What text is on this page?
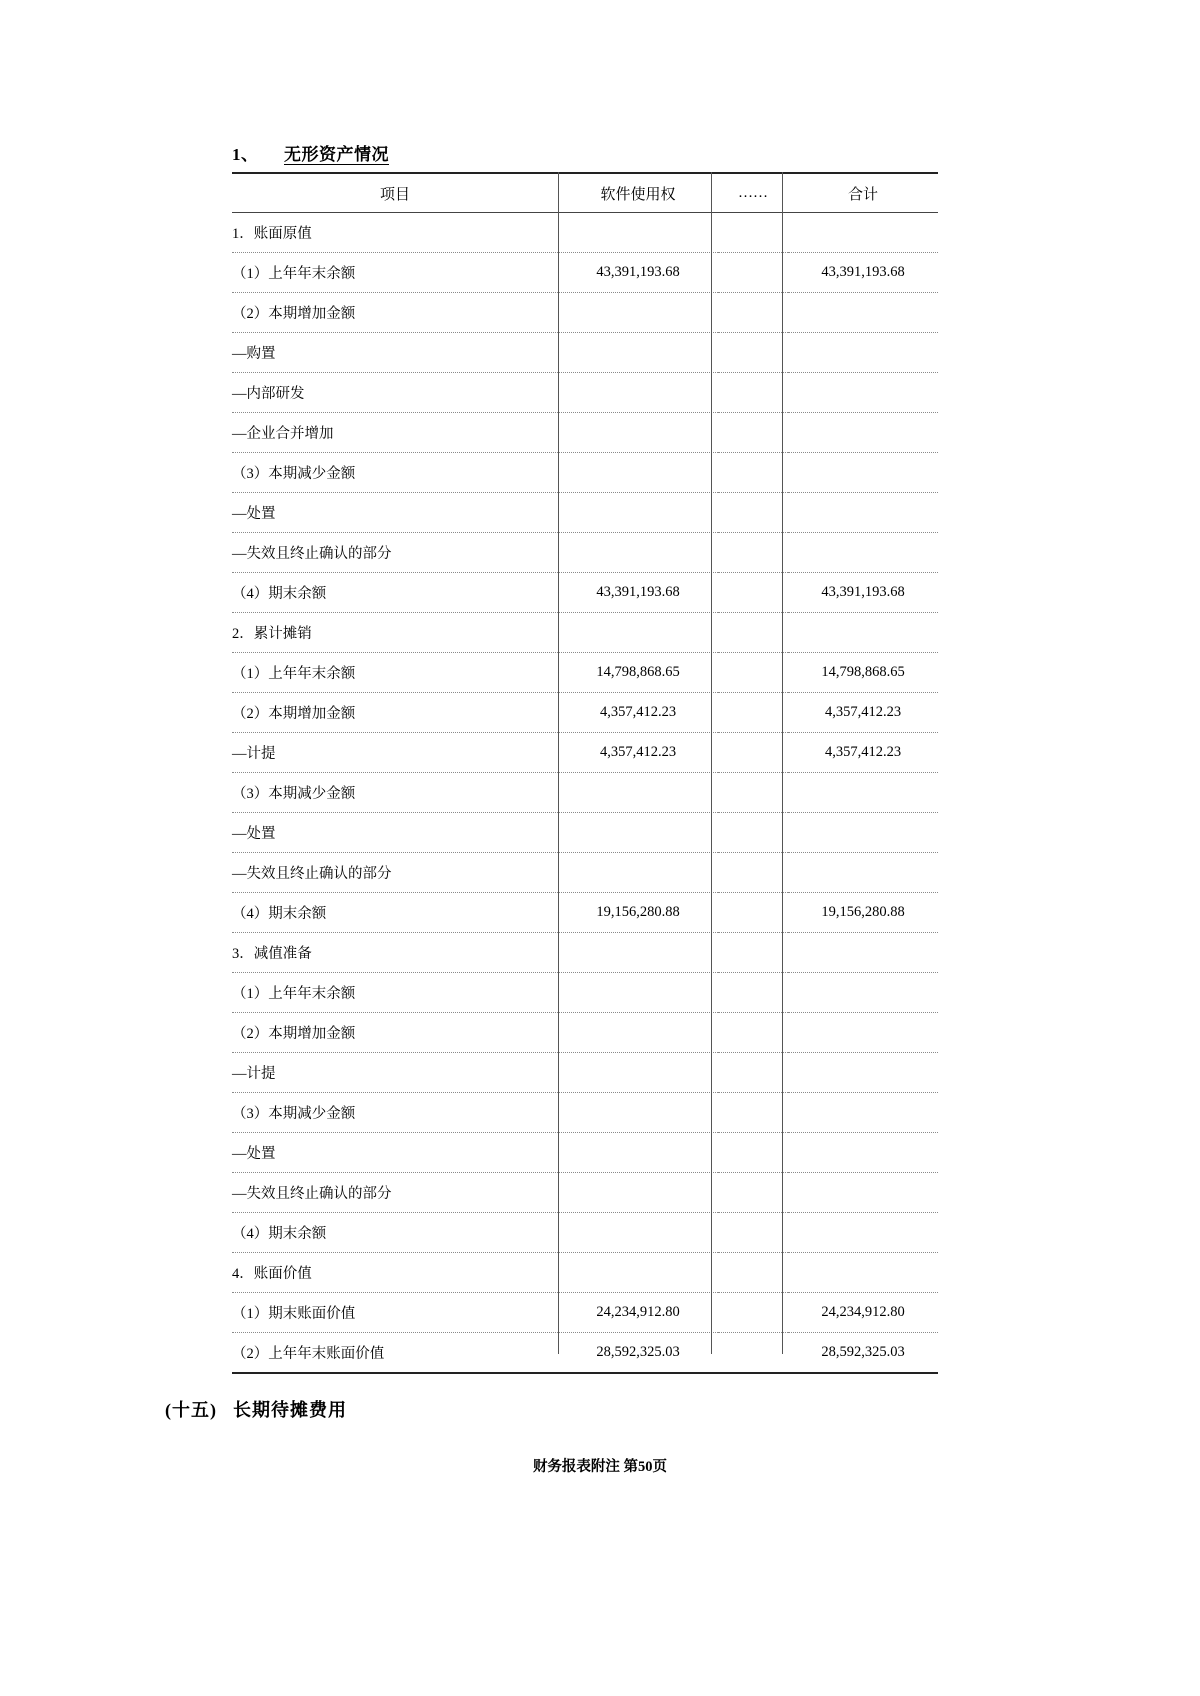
1、 无形资产情况
项目	软件使用权	……	合计
1．账面原值			
（1）上年年末余额	43,391,193.68		43,391,193.68
（2）本期增加金额			
—购置			
—内部研发			
—企业合并增加			
（3）本期减少金额			
—处置			
—失效且终止确认的部分			
（4）期末余额	43,391,193.68		43,391,193.68
2．累计摊销			
（1）上年年末余额	14,798,868.65		14,798,868.65
（2）本期增加金额	4,357,412.23		4,357,412.23
—计提	4,357,412.23		4,357,412.23
（3）本期减少金额			
—处置			
—失效且终止确认的部分			
（4）期末余额	19,156,280.88		19,156,280.88
3．减值准备			
（1）上年年末余额			
（2）本期增加金额			
—计提			
（3）本期减少金额			
—处置			
—失效且终止确认的部分			
（4）期末余额			
4．账面价值			
（1）期末账面价值	24,234,912.80		24,234,912.80
（2）上年年末账面价值	28,592,325.03		28,592,325.03
(十五) 长期待摊费用
财务报表附注 第50页
